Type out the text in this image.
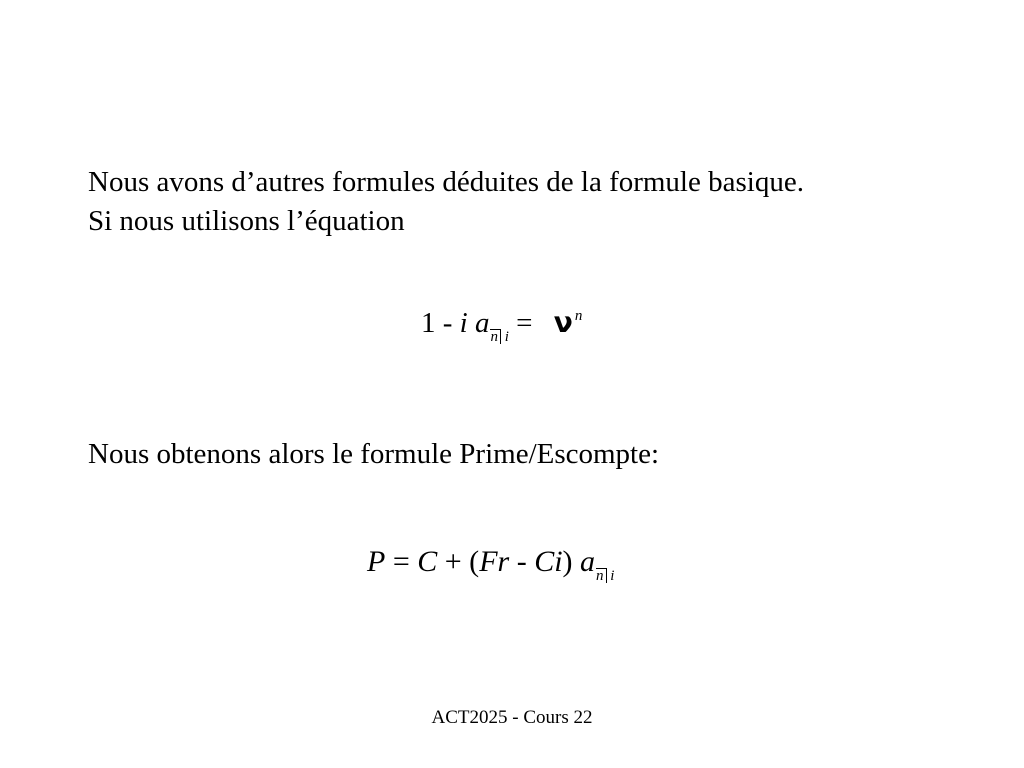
Nous avons d’autres formules déduites de la formule basique.
Si nous utilisons l’équation
1 - i $a_{n i} = \nu$ $^n$
Nous obtenons alors le formule Prime/Escompte:
P = C + (Fr - Ci) $a_{n i}$
ACT2025 - Cours 22
